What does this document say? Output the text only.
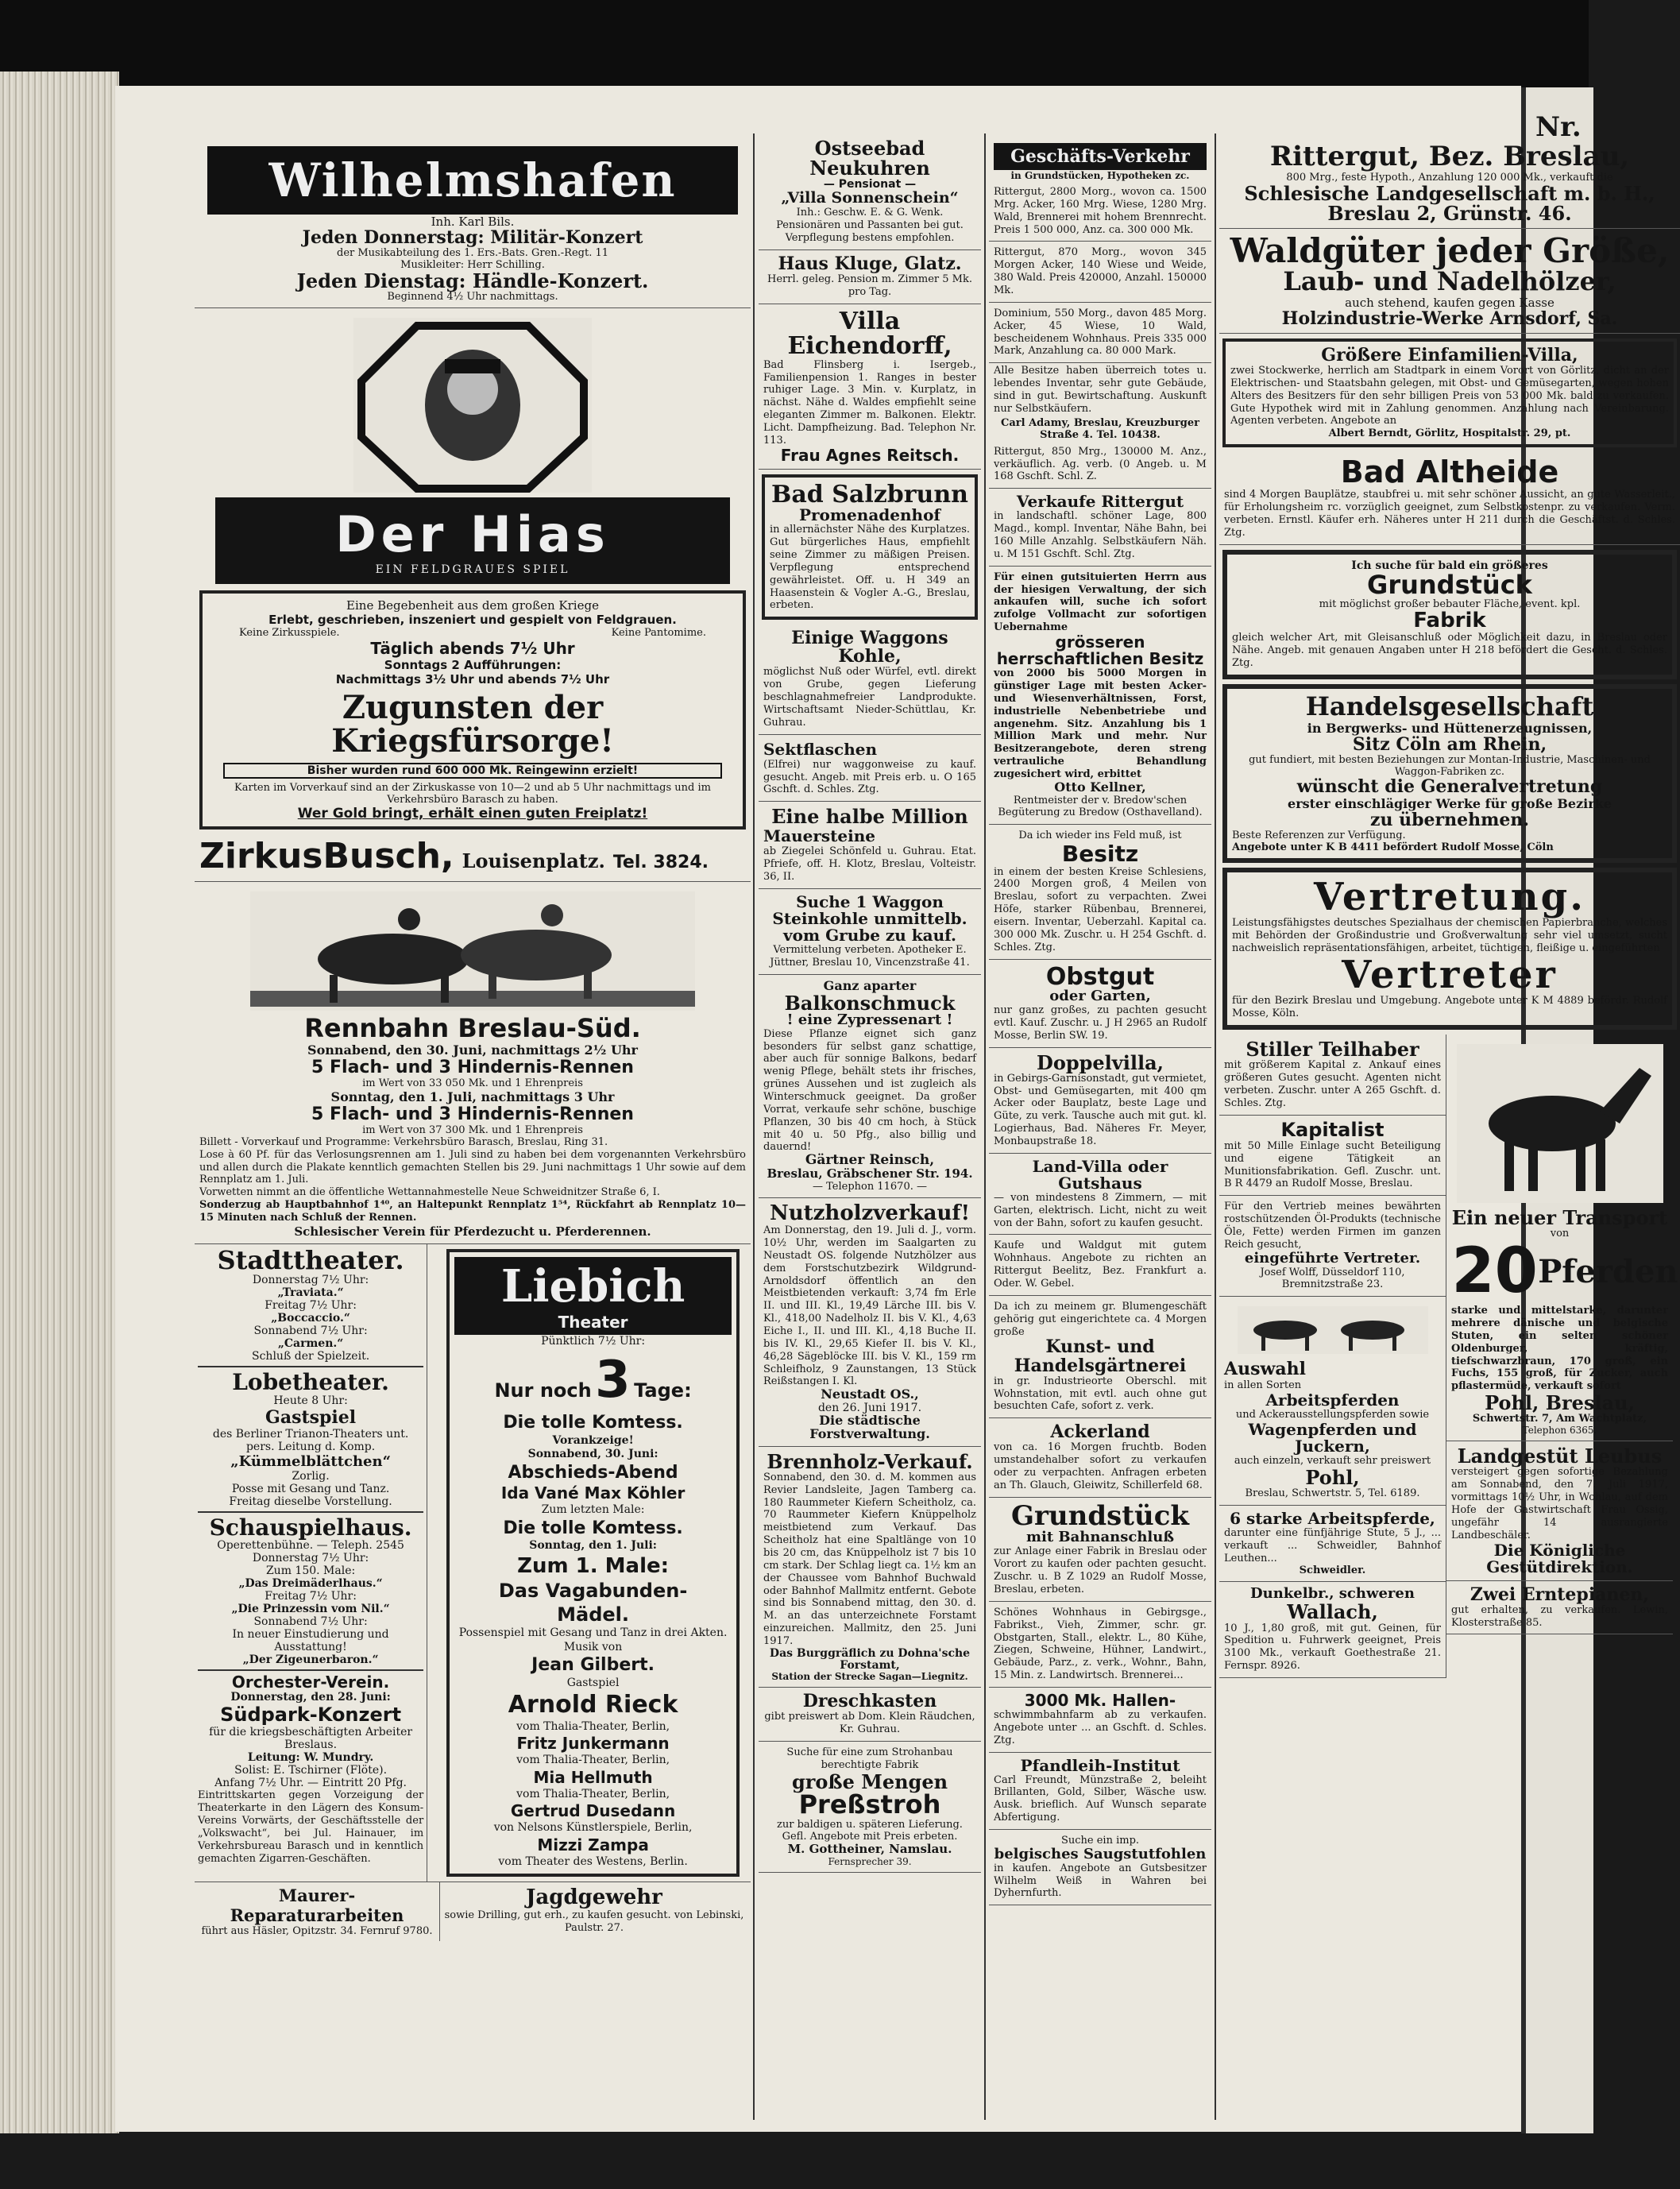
Nr.
Wilhelmshafen
Inh. Karl Bils.
Jeden Donnerstag: Militär-Konzert
der Musikabteilung des 1. Ers.-Bats. Gren.-Regt. 11
Musikleiter: Herr Schilling.
Jeden Dienstag: Händle-Konzert.
Beginnend 4½ Uhr nachmittags.
Der Hias
EIN FELDGRAUES SPIEL
Eine Begebenheit aus dem großen Kriege
Erlebt, geschrieben, inszeniert und gespielt von Feldgrauen.
Keine Zirkusspiele.	Keine Pantomime.
Täglich abends 7½ Uhr
Sonntags 2 Aufführungen:
Nachmittags 3½ Uhr und abends 7½ Uhr
Zugunsten der Kriegsfürsorge!
Bisher wurden rund 600 000 Mk. Reingewinn erzielt!
Karten im Vorverkauf sind an der Zirkuskasse von 10—2 und ab 5 Uhr nachmittags und im Verkehrsbüro Barasch zu haben.
Wer Gold bringt, erhält einen guten Freiplatz!
ZirkusBusch, Louisenplatz. Tel. 3824.
Rennbahn Breslau-Süd.
Sonnabend, den 30. Juni, nachmittags 2½ Uhr
5 Flach- und 3 Hindernis-Rennen
im Wert von 33 050 Mk. und 1 Ehrenpreis
Sonntag, den 1. Juli, nachmittags 3 Uhr
5 Flach- und 3 Hindernis-Rennen
im Wert von 37 300 Mk. und 1 Ehrenpreis
Billett - Vorverkauf und Programme: Verkehrsbüro Barasch, Breslau, Ring 31.
Lose à 60 Pf. für das Verlosungsrennen am 1. Juli sind zu haben bei dem vorgenannten Verkehrsbüro und allen durch die Plakate kenntlich gemachten Stellen bis 29. Juni nachmittags 1 Uhr sowie auf dem Rennplatz am 1. Juli.
Vorwetten nimmt an die öffentliche Wettannahmestelle Neue Schweidnitzer Straße 6, I.
Sonderzug ab Hauptbahnhof 1⁴⁰, an Haltepunkt Rennplatz 1⁵⁴, Rückfahrt ab Rennplatz 10—15 Minuten nach Schluß der Rennen.
Schlesischer Verein für Pferdezucht u. Pferderennen.
Stadttheater.
Donnerstag 7½ Uhr:
„Traviata.“
Freitag 7½ Uhr:
„Boccaccio.“
Sonnabend 7½ Uhr:
„Carmen.“
Schluß der Spielzeit.
Lobetheater.
Heute 8 Uhr:
Gastspiel
des Berliner Trianon-Theaters unt. pers. Leitung d. Komp.
„Kümmelblättchen“
Zorlig.
Posse mit Gesang und Tanz.
Freitag dieselbe Vorstellung.
Schauspielhaus.
Operettenbühne. — Teleph. 2545
Donnerstag 7½ Uhr:
Zum 150. Male:
„Das Dreimäderlhaus.“
Freitag 7½ Uhr:
„Die Prinzessin vom Nil.“
Sonnabend 7½ Uhr:
In neuer Einstudierung und Ausstattung!
„Der Zigeunerbaron.“
Orchester-Verein.
Donnerstag, den 28. Juni:
Südpark-Konzert
für die kriegsbeschäftigten Arbeiter Breslaus.
Leitung: W. Mundry.
Solist: E. Tschirner (Flöte).
Anfang 7½ Uhr. — Eintritt 20 Pfg.
Eintrittskarten gegen Vorzeigung der Theaterkarte in den Lägern des Konsum-Vereins Vorwärts, der Geschäftsstelle der „Volkswacht“, bei Jul. Hainauer, im Verkehrsbureau Barasch und in kenntlich gemachten Zigarren-Geschäften.
Liebich
Theater
Pünktlich 7½ Uhr:
Nur noch 3 Tage:
Die tolle Komtess.
Vorankzeige!
Sonnabend, 30. Juni:
Abschieds-Abend
Ida Vané Max Köhler
Zum letzten Male:
Die tolle Komtess.
Sonntag, den 1. Juli:
Zum 1. Male:
Das Vagabunden-
Mädel.
Possenspiel mit Gesang und Tanz in drei Akten.
Musik von
Jean Gilbert.
Gastspiel
Arnold Rieck
vom Thalia-Theater, Berlin,
Fritz Junkermann
vom Thalia-Theater, Berlin,
Mia Hellmuth
vom Thalia-Theater, Berlin,
Gertrud Dusedann
von Nelsons Künstlerspiele, Berlin,
Mizzi Zampa
vom Theater des Westens, Berlin.
Maurer-Reparaturarbeiten
führt aus Häsler, Opitzstr. 34. Fernruf 9780.
Jagdgewehr
sowie Drilling, gut erh., zu kaufen gesucht. von Lebinski, Paulstr. 27.
Ostseebad Neukuhren
— Pensionat —
„Villa Sonnenschein“
Inh.: Geschw. E. & G. Wenk. Pensionären und Passanten bei gut. Verpflegung bestens empfohlen.
Haus Kluge, Glatz.
Herrl. geleg. Pension m. Zimmer 5 Mk. pro Tag.
Villa Eichendorff,
Bad Flinsberg i. Isergeb., Familienpension 1. Ranges in bester ruhiger Lage. 3 Min. v. Kurplatz, in nächst. Nähe d. Waldes empfiehlt seine eleganten Zimmer m. Balkonen. Elektr. Licht. Dampfheizung. Bad. Telephon Nr. 113.
Frau Agnes Reitsch.
Bad Salzbrunn
Promenadenhof
in allernächster Nähe des Kurplatzes. Gut bürgerliches Haus, empfiehlt seine Zimmer zu mäßigen Preisen. Verpflegung entsprechend gewährleistet. Off. u. H 349 an Haasenstein & Vogler A.-G., Breslau, erbeten.
Einige Waggons Kohle,
möglichst Nuß oder Würfel, evtl. direkt von Grube, gegen Lieferung beschlagnahmefreier Landprodukte. Wirtschaftsamt Nieder-Schüttlau, Kr. Guhrau.
Sektflaschen
(Elfrei) nur waggonweise zu kauf. gesucht. Angeb. mit Preis erb. u. O 165 Gschft. d. Schles. Ztg.
Eine halbe Million
Mauersteine
ab Ziegelei Schönfeld u. Guhrau. Etat. Pfriefe, off. H. Klotz, Breslau, Volteistr. 36, II.
Suche 1 Waggon Steinkohle unmittelb. vom Grube zu kauf.
Vermittelung verbeten. Apotheker E. Jüttner, Breslau 10, Vincenzstraße 41.
Ganz aparter
Balkonschmuck
! eine Zypressenart !
Diese Pflanze eignet sich ganz besonders für selbst ganz schattige, aber auch für sonnige Balkons, bedarf wenig Pflege, behält stets ihr frisches, grünes Aussehen und ist zugleich als Winterschmuck geeignet. Da großer Vorrat, verkaufe sehr schöne, buschige Pflanzen, 30 bis 40 cm hoch, à Stück mit 40 u. 50 Pfg., also billig und dauernd!
Gärtner Reinsch,
Breslau, Gräbschener Str. 194.
— Telephon 11670. —
Nutzholzverkauf!
Am Donnerstag, den 19. Juli d. J., vorm. 10½ Uhr, werden im Saalgarten zu Neustadt OS. folgende Nutzhölzer aus dem Forstschutzbezirk Wildgrund-Arnoldsdorf öffentlich an den Meistbietenden verkauft: 3,74 fm Erle II. und III. Kl., 19,49 Lärche III. bis V. Kl., 418,00 Nadelholz II. bis V. Kl., 4,63 Eiche I., II. und III. Kl., 4,18 Buche II. bis IV. Kl., 29,65 Kiefer II. bis V. Kl., 46,28 Sägeblöcke III. bis V. Kl., 159 rm Schleifholz, 9 Zaunstangen, 13 Stück Reißstangen I. Kl.
Neustadt OS.,
den 26. Juni 1917.
Die städtische Forstverwaltung.
Brennholz-Verkauf.
Sonnabend, den 30. d. M. kommen aus Revier Landsleite, Jagen Tamberg ca. 180 Raummeter Kiefern Scheitholz, ca. 70 Raummeter Kiefern Knüppelholz meistbietend zum Verkauf. Das Scheitholz hat eine Spaltlänge von 10 bis 20 cm, das Knüppelholz ist 7 bis 10 cm stark. Der Schlag liegt ca. 1½ km an der Chaussee vom Bahnhof Buchwald oder Bahnhof Mallmitz entfernt. Gebote sind bis Sonnabend mittag, den 30. d. M. an das unterzeichnete Forstamt einzureichen. Mallmitz, den 25. Juni 1917.
Das Burggräflich zu Dohna'sche Forstamt,
Station der Strecke Sagan—Liegnitz.
Dreschkasten
gibt preiswert ab Dom. Klein Räudchen, Kr. Guhrau.
Suche für eine zum Strohanbau berechtigte Fabrik
große Mengen
Preßstroh
zur baldigen u. späteren Lieferung. Gefl. Angebote mit Preis erbeten.
M. Gottheiner, Namslau.
Fernsprecher 39.
Geschäfts-Verkehr
in Grundstücken, Hypotheken zc.
Rittergut, 2800 Morg., wovon ca. 1500 Mrg. Acker, 160 Mrg. Wiese, 1280 Mrg. Wald, Brennerei mit hohem Brennrecht. Preis 1 500 000, Anz. ca. 300 000 Mk.
Rittergut, 870 Morg., wovon 345 Morgen Acker, 140 Wiese und Weide, 380 Wald. Preis 420000, Anzahl. 150000 Mk.
Dominium, 550 Morg., davon 485 Morg. Acker, 45 Wiese, 10 Wald, bescheidenem Wohnhaus. Preis 335 000 Mark, Anzahlung ca. 80 000 Mark.
Alle Besitze haben überreich totes u. lebendes Inventar, sehr gute Gebäude, sind in gut. Bewirtschaftung. Auskunft nur Selbstkäufern.
Carl Adamy, Breslau, Kreuzburger Straße 4. Tel. 10438.
Rittergut, 850 Mrg., 130000 M. Anz., verkäuflich. Ag. verb. (0 Angeb. u. M 168 Gschft. Schl. Z.
Verkaufe Rittergut
in landschaftl. schöner Lage, 800 Magd., kompl. Inventar, Nähe Bahn, bei 160 Mille Anzahlg. Selbstkäufern Näh. u. M 151 Gschft. Schl. Ztg.
Für einen gutsituierten Herrn aus der hiesigen Verwaltung, der sich ankaufen will, suche ich sofort zufolge Vollmacht zur sofortigen Uebernahme
grösseren herrschaftlichen Besitz
von 2000 bis 5000 Morgen in günstiger Lage mit besten Acker- und Wiesenverhältnissen, Forst, industrielle Nebenbetriebe und angenehm. Sitz. Anzahlung bis 1 Million Mark und mehr. Nur Besitzerangebote, deren streng vertrauliche Behandlung zugesichert wird, erbittet
Otto Kellner,
Rentmeister der v. Bredow'schen Begüterung zu Bredow (Osthavelland).
Da ich wieder ins Feld muß, ist
Besitz
in einem der besten Kreise Schlesiens, 2400 Morgen groß, 4 Meilen von Breslau, sofort zu verpachten. Zwei Höfe, starker Rübenbau, Brennerei, eisern. Inventar, Ueberzahl. Kapital ca. 300 000 Mk. Zuschr. u. H 254 Gschft. d. Schles. Ztg.
Obstgut
oder Garten,
nur ganz großes, zu pachten gesucht evtl. Kauf. Zuschr. u. J H 2965 an Rudolf Mosse, Berlin SW. 19.
Doppelvilla,
in Gebirgs-Garnisonstadt, gut vermietet, Obst- und Gemüsegarten, mit 400 qm Acker oder Bauplatz, beste Lage und Güte, zu verk. Tausche auch mit gut. kl. Logierhaus, Bad. Näheres Fr. Meyer, Monbaupstraße 18.
Land-Villa oder Gutshaus
— von mindestens 8 Zimmern, — mit Garten, elektrisch. Licht, nicht zu weit von der Bahn, sofort zu kaufen gesucht.
Kaufe und Waldgut mit gutem Wohnhaus. Angebote zu richten an Rittergut Beelitz, Bez. Frankfurt a. Oder. W. Gebel.
Da ich zu meinem gr. Blumengeschäft gehörig gut eingerichtete ca. 4 Morgen große
Kunst- und Handelsgärtnerei
in gr. Industrieorte Oberschl. mit Wohnstation, mit evtl. auch ohne gut besuchten Cafe, sofort z. verk.
Ackerland
von ca. 16 Morgen fruchtb. Boden umstandehalber sofort zu verkaufen oder zu verpachten. Anfragen erbeten an Th. Glauch, Gleiwitz, Schillerfeld 68.
Grundstück
mit Bahnanschluß
zur Anlage einer Fabrik in Breslau oder Vorort zu kaufen oder pachten gesucht. Zuschr. u. B Z 1029 an Rudolf Mosse, Breslau, erbeten.
Schönes Wohnhaus in Gebirgsge., Fabrikst., Vieh, Zimmer, schr. gr. Obstgarten, Stall., elektr. L., 80 Kühe, Ziegen, Schweine, Hühner, Landwirt., Gebäude, Parz., z. verk., Wohnr., Bahn, 15 Min. z. Landwirtsch. Brennerei...
3000 Mk. Hallen-
schwimmbahnfarm ab zu verkaufen. Angebote unter ... an Gschft. d. Schles. Ztg.
Pfandleih-Institut
Carl Freundt, Münzstraße 2, beleiht Brillanten, Gold, Silber, Wäsche usw. Ausk. brieflich. Auf Wunsch separate Abfertigung.
Suche ein imp.
belgisches Saugstutfohlen
in kaufen. Angebote an Gutsbesitzer Wilhelm Weiß in Wahren bei Dyhernfurth.
Rittergut, Bez. Breslau,
800 Mrg., feste Hypoth., Anzahlung 120 000 Mk., verkauft die
Schlesische Landgesellschaft m. b. H.,
Breslau 2, Grünstr. 46.
Waldgüter jeder Größe,
Laub- und Nadelhölzer,
auch stehend, kaufen gegen Kasse
Holzindustrie-Werke Arnsdorf, Sa.
Größere Einfamilien-Villa,
zwei Stockwerke, herrlich am Stadtpark in einem Vorort von Görlitz, dicht an der Elektrischen- und Staatsbahn gelegen, mit Obst- und Gemüsegarten, wegen hohen Alters des Besitzers für den sehr billigen Preis von 53 000 Mk. bald zu verkaufen. Gute Hypothek wird mit in Zahlung genommen. Anzahlung nach Vereinbarung. Agenten verbeten. Angebote an
Albert Berndt, Görlitz, Hospitalstr. 29, pt.
Bad Altheide
sind 4 Morgen Bauplätze, staubfrei u. mit sehr schöner Aussicht, an gute Wasserleit., für Erholungsheim rc. vorzüglich geeignet, zum Selbstkostenpr. zu verkaufen. Verm. verbeten. Ernstl. Käufer erh. Näheres unter H 211 durch die Geschäftst. d. Schles. Ztg.
Ich suche für bald ein größeres
Grundstück
mit möglichst großer bebauter Fläche, event. kpl.
Fabrik
gleich welcher Art, mit Gleisanschluß oder Möglichkeit dazu, in Breslau oder Nähe. Angeb. mit genauen Angaben unter H 218 befördert die Gescht. d. Schles. Ztg.
Handelsgesellschaft
in Bergwerks- und Hüttenerzeugnissen,
Sitz Cöln am Rhein,
gut fundiert, mit besten Beziehungen zur Montan-Industrie, Maschinen- und Waggon-Fabriken zc.
wünscht die Generalvertretung
erster einschlägiger Werke für große Bezirke
zu übernehmen.
Beste Referenzen zur Verfügung.
Angebote unter K B 4411 befördert Rudolf Mosse, Cöln
Vertretung.
Leistungsfähigstes deutsches Spezialhaus der chemischen Papierbranche, welches mit Behörden der Großindustrie und Großverwaltung sehr viel umsetzt, sucht nachweislich repräsentationsfähigen, arbeitet, tüchtigen, fleißige u. eingeführten
Vertreter
für den Bezirk Breslau und Umgebung. Angebote unter K M 4889 befördr. Rudolf Mosse, Köln.
Stiller Teilhaber
mit größerem Kapital z. Ankauf eines größeren Gutes gesucht. Agenten nicht verbeten. Zuschr. unter A 265 Gschft. d. Schles. Ztg.
Kapitalist
mit 50 Mille Einlage sucht Beteiligung und eigene Tätigkeit an Munitionsfabrikation. Gefl. Zuschr. unt. B R 4479 an Rudolf Mosse, Breslau.
Für den Vertrieb meines bewährten rostschützenden Öl-Produkts (technische Öle, Fette) werden Firmen im ganzen Reich gesucht,
eingeführte Vertreter.
Josef Wolff, Düsseldorf 110, Bremnitzstraße 23.
Auswahl
in allen Sorten
Arbeitspferden
und Ackerausstellungspferden sowie
Wagenpferden und Juckern,
auch einzeln, verkauft sehr preiswert
Pohl,
Breslau, Schwertstr. 5, Tel. 6189.
6 starke Arbeitspferde,
darunter eine fünfjährige Stute, 5 J., ... verkauft ... Schweidler, Bahnhof Leuthen...
Schweidler.
Dunkelbr., schweren
Wallach,
10 J., 1,80 groß, mit gut. Geinen, für Spedition u. Fuhrwerk geeignet, Preis 3100 Mk., verkauft Goethestraße 21. Fernspr. 8926.
Ein neuer Transport
von
20Pferden
starke und mittelstarke, darunter mehrere dänische und belgische Stuten, ein selten schöner Oldenburger, kräftig, tiefschwarzbraun, 170 groß, ein Fuchs, 155 groß, für Zucker, auch pflastermüde, verkauft sofort
Pohl, Breslau,
Schwertstr. 7, Am Wachtplatz,
Telephon 6365.
Landgestüt Leubus
versteigert gegen sofortige Bezahlung am Sonnabend, den 7. Juli 1917, vormittags 10½ Uhr, in Wohlau, auf dem Hofe der Gastwirtschaft Frau Ossig, ungefähr 14 ausrangierte Landbeschäler.
Die Königliche Gestütdirektion.
Zwei Erntepianen,
gut erhalten, zu verkaufen. Lewin, Klosterstraße 85.
